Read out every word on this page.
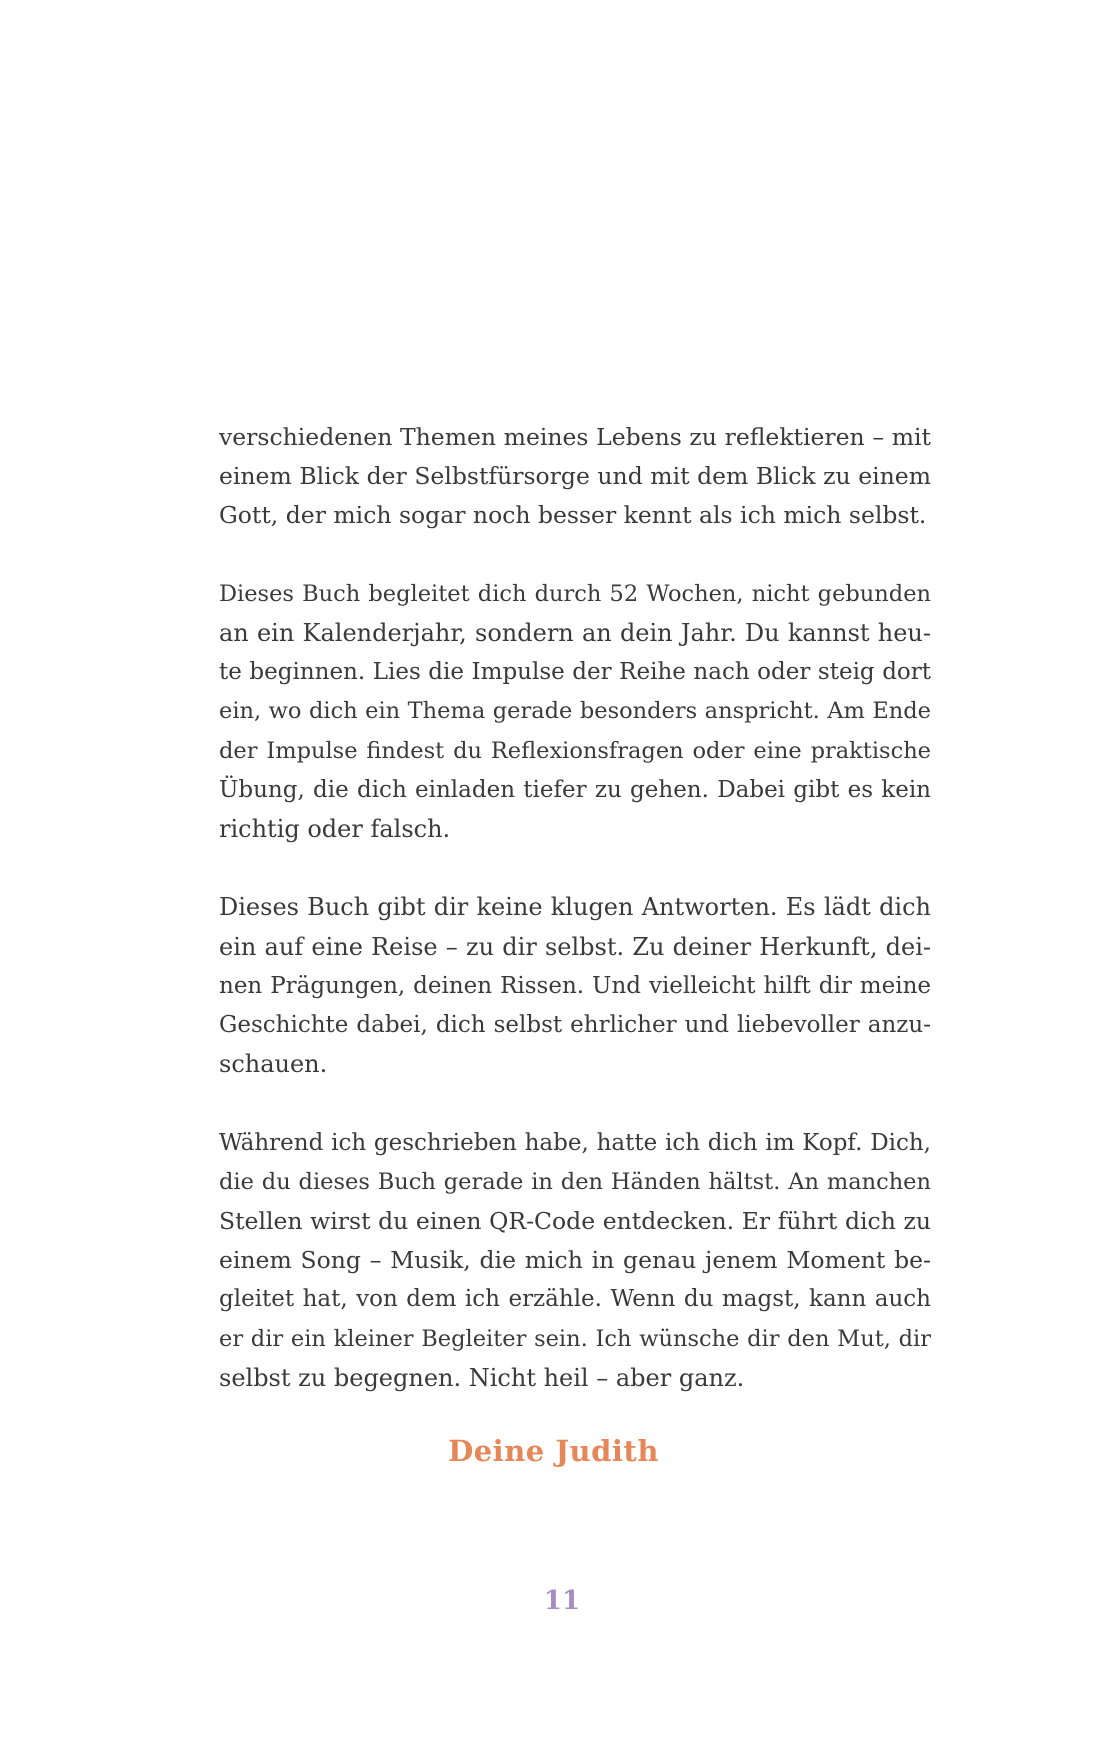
verschiedenen Themen meines Lebens zu reflektieren – mit
einem Blick der Selbstfürsorge und mit dem Blick zu einem
Gott, der mich sogar noch besser kennt als ich mich selbst.

Dieses Buch begleitet dich durch 52 Wochen, nicht gebunden
an ein Kalenderjahr, sondern an dein Jahr. Du kannst heu-
te beginnen. Lies die Impulse der Reihe nach oder steig dort
ein, wo dich ein Thema gerade besonders anspricht. Am Ende
der Impulse findest du Reflexionsfragen oder eine praktische
Übung, die dich einladen tiefer zu gehen. Dabei gibt es kein
richtig oder falsch.

Dieses Buch gibt dir keine klugen Antworten. Es lädt dich
ein auf eine Reise – zu dir selbst. Zu deiner Herkunft, dei-
nen Prägungen, deinen Rissen. Und vielleicht hilft dir meine
Geschichte dabei, dich selbst ehrlicher und liebevoller anzu-
schauen.

Während ich geschrieben habe, hatte ich dich im Kopf. Dich,
die du dieses Buch gerade in den Händen hältst. An manchen
Stellen wirst du einen QR-Code entdecken. Er führt dich zu
einem Song – Musik, die mich in genau jenem Moment be-
gleitet hat, von dem ich erzähle. Wenn du magst, kann auch
er dir ein kleiner Begleiter sein. Ich wünsche dir den Mut, dir
selbst zu begegnen. Nicht heil – aber ganz.

Deine Judith
11
